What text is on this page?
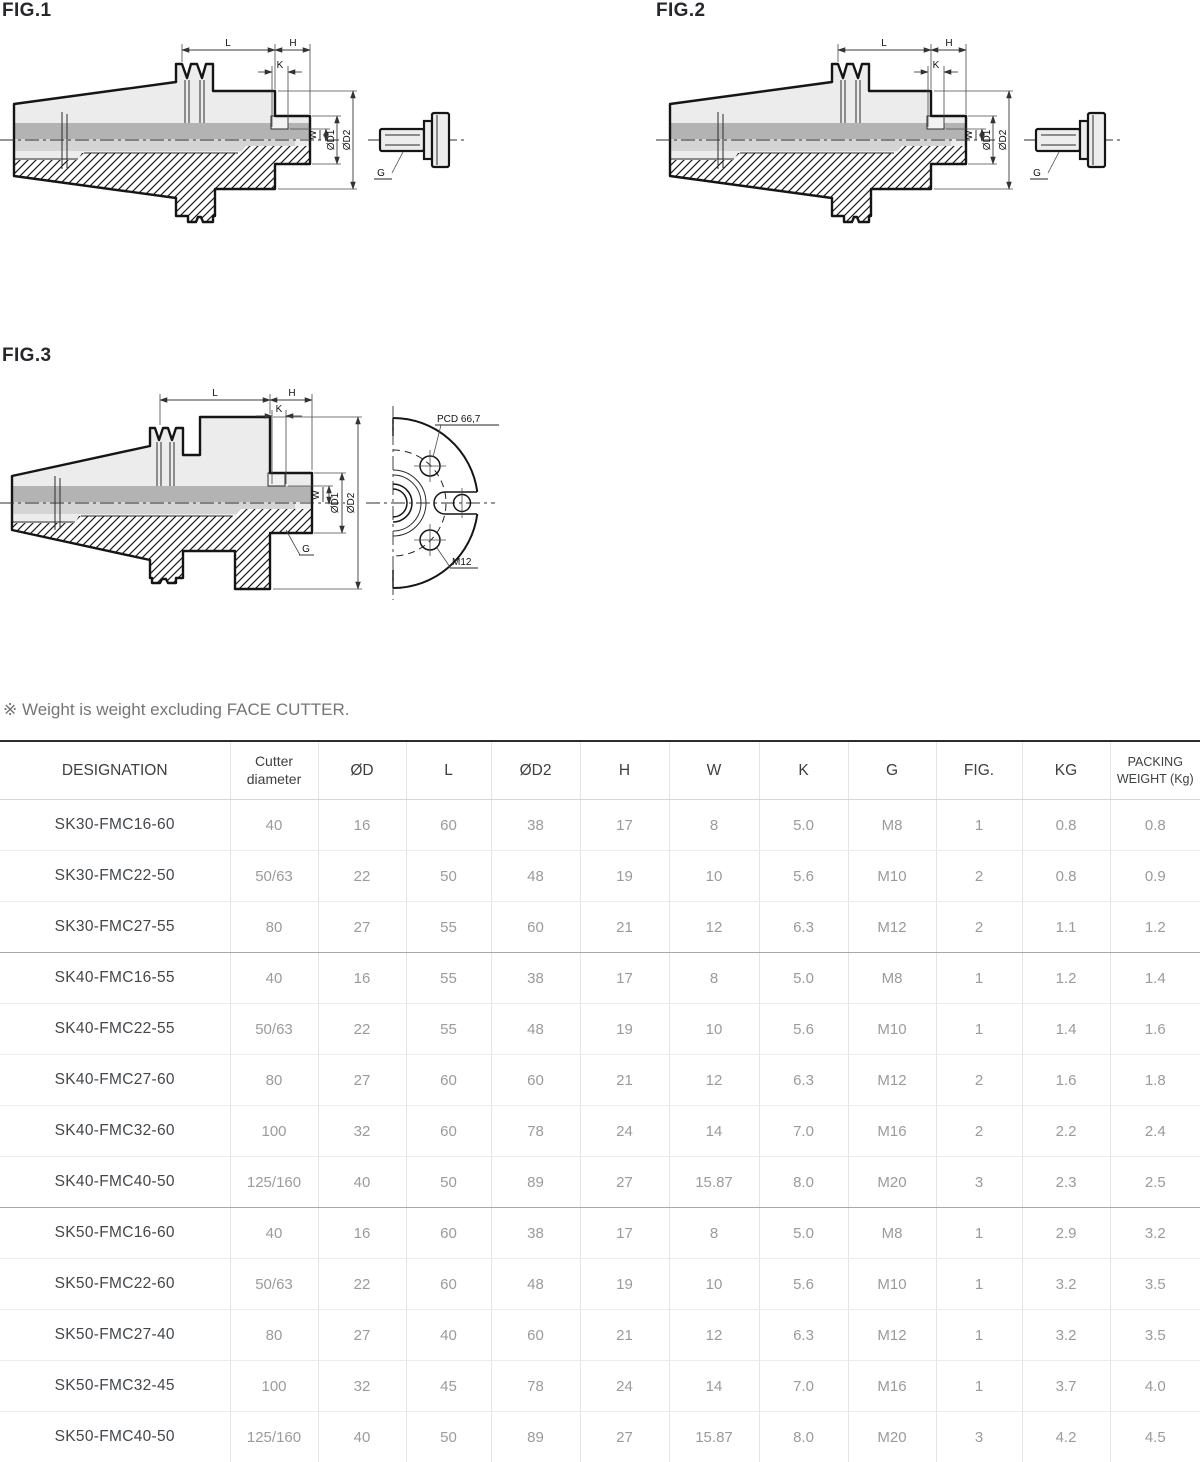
FIG.1
L	H
K
W ØD1 ØD2
G
FIG.2
L	H
K
W ØD1 ØD2
G
FIG.3
L	H
K
W ØD1 ØD2
G
PCD 66,7
M12
※ Weight is weight excluding FACE CUTTER.
DESIGNATION	Cutter diameter	ØD	L	ØD2	H	W	K	G	FIG.	KG	PACKING WEIGHT (Kg)
SK30-FMC16-60	40	16	60	38	17	8	5.0	M8	1	0.8	0.8
SK30-FMC22-50	50/63	22	50	48	19	10	5.6	M10	2	0.8	0.9
SK30-FMC27-55	80	27	55	60	21	12	6.3	M12	2	1.1	1.2
SK40-FMC16-55	40	16	55	38	17	8	5.0	M8	1	1.2	1.4
SK40-FMC22-55	50/63	22	55	48	19	10	5.6	M10	1	1.4	1.6
SK40-FMC27-60	80	27	60	60	21	12	6.3	M12	2	1.6	1.8
SK40-FMC32-60	100	32	60	78	24	14	7.0	M16	2	2.2	2.4
SK40-FMC40-50	125/160	40	50	89	27	15.87	8.0	M20	3	2.3	2.5
SK50-FMC16-60	40	16	60	38	17	8	5.0	M8	1	2.9	3.2
SK50-FMC22-60	50/63	22	60	48	19	10	5.6	M10	1	3.2	3.5
SK50-FMC27-40	80	27	40	60	21	12	6.3	M12	1	3.2	3.5
SK50-FMC32-45	100	32	45	78	24	14	7.0	M16	1	3.7	4.0
SK50-FMC40-50	125/160	40	50	89	27	15.87	8.0	M20	3	4.2	4.5
